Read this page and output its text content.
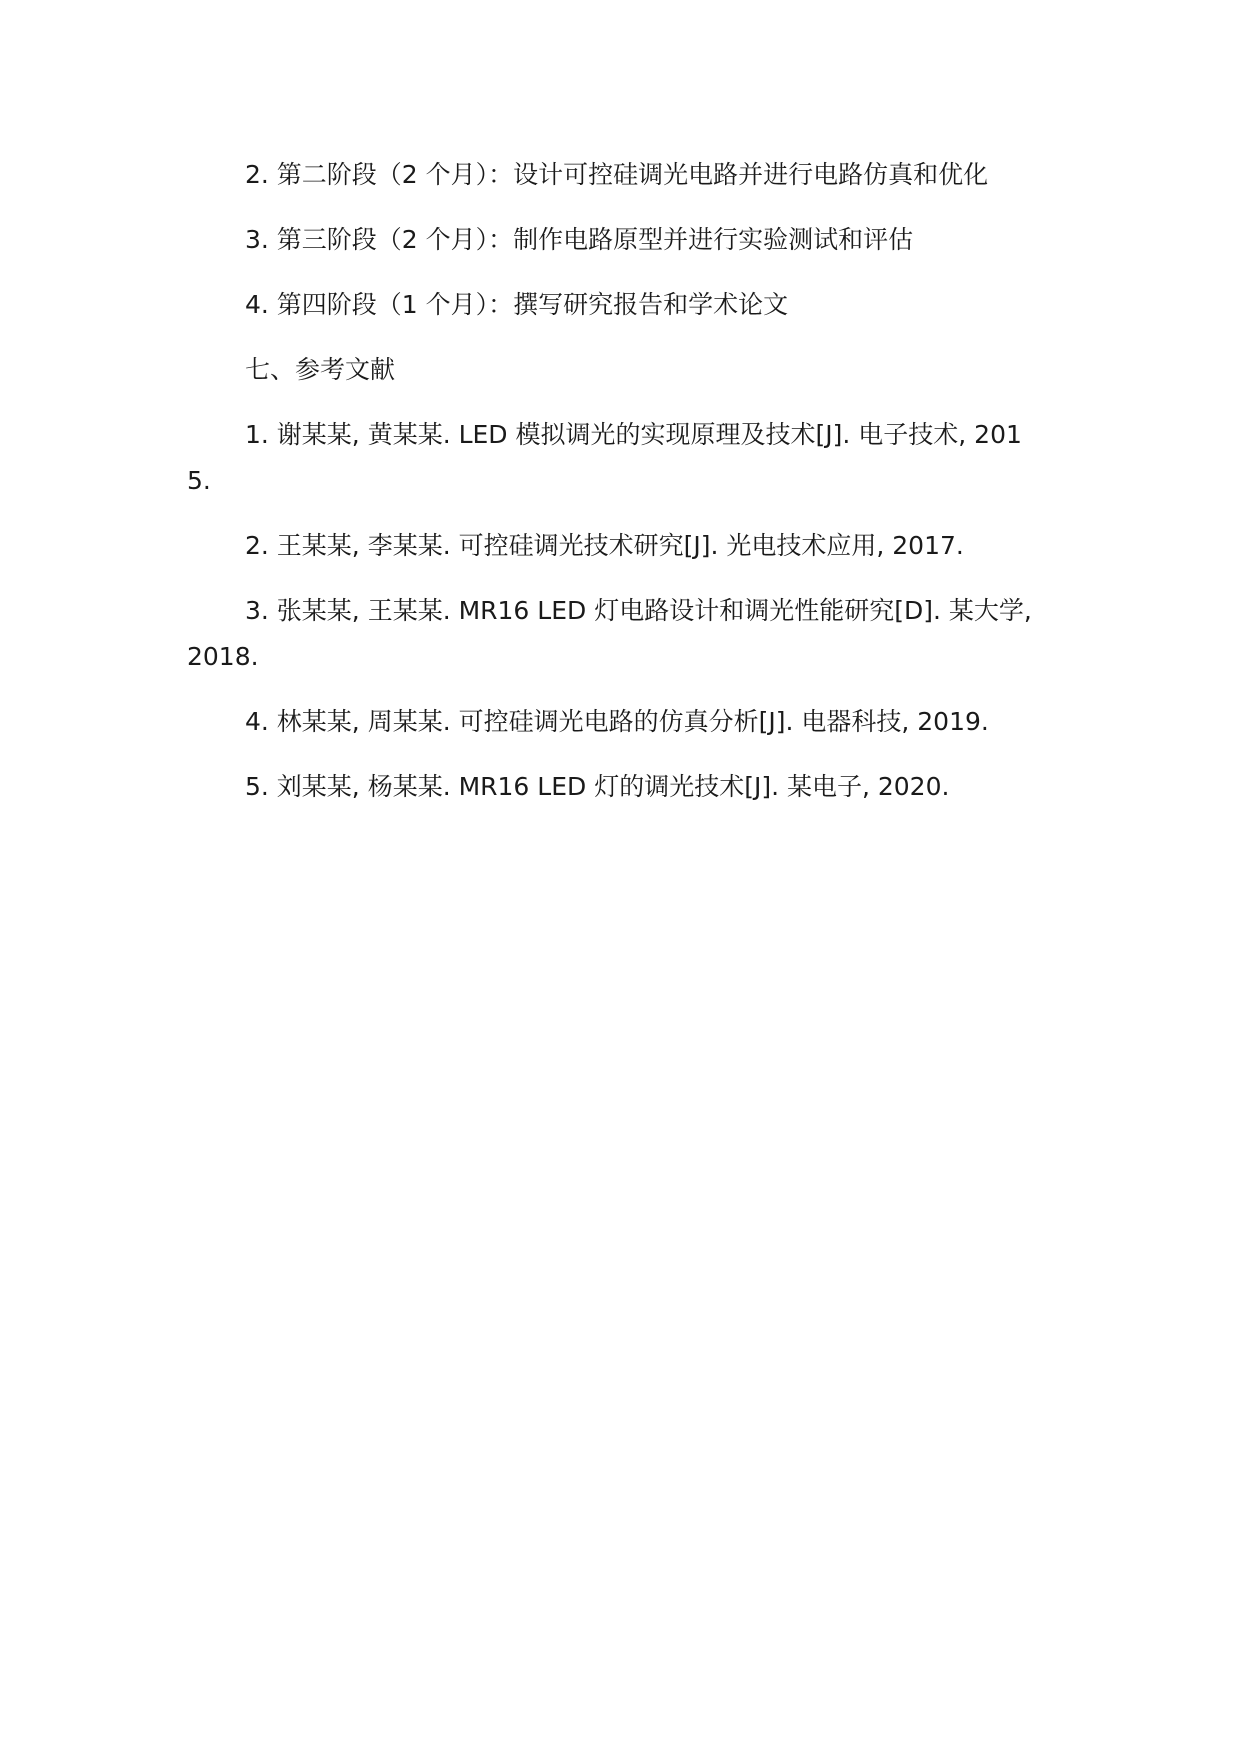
2. 第二阶段（2 个月）：设计可控硅调光电路并进行电路仿真和优化

3. 第三阶段（2 个月）：制作电路原型并进行实验测试和评估

4. 第四阶段（1 个月）：撰写研究报告和学术论文

七、参考文献

1. 谢某某, 黄某某. LED 模拟调光的实现原理及技术[J]. 电子技术, 2015.

2. 王某某, 李某某. 可控硅调光技术研究[J]. 光电技术应用, 2017.

3. 张某某, 王某某. MR16 LED 灯电路设计和调光性能研究[D]. 某大学, 2018.

4. 林某某, 周某某. 可控硅调光电路的仿真分析[J]. 电器科技, 2019.

5. 刘某某, 杨某某. MR16 LED 灯的调光技术[J]. 某电子, 2020.
